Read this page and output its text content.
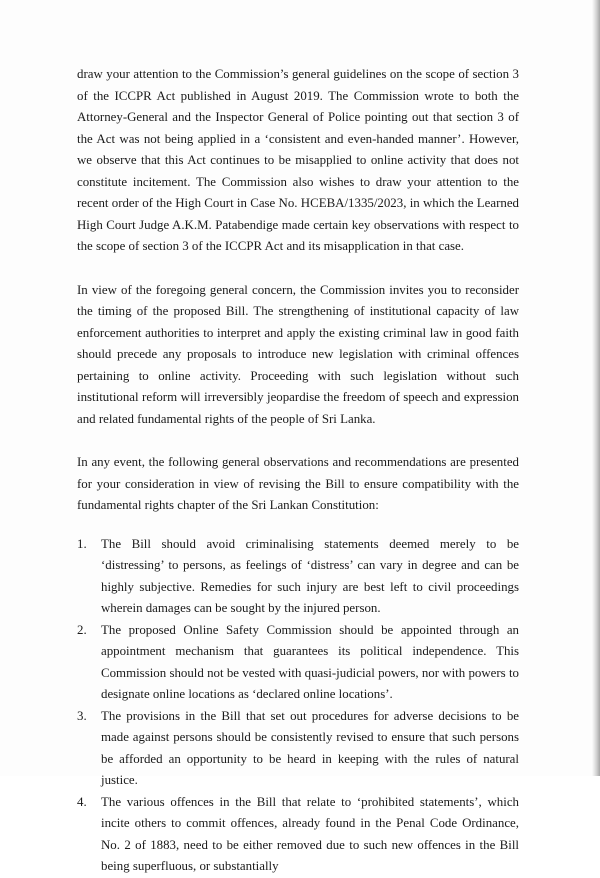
draw your attention to the Commission’s general guidelines on the scope of section 3 of the ICCPR Act published in August 2019. The Commission wrote to both the Attorney-General and the Inspector General of Police pointing out that section 3 of the Act was not being applied in a ‘consistent and even-handed manner’. However, we observe that this Act continues to be misapplied to online activity that does not constitute incitement. The Commission also wishes to draw your attention to the recent order of the High Court in Case No. HCEBA/1335/2023, in which the Learned High Court Judge A.K.M. Patabendige made certain key observations with respect to the scope of section 3 of the ICCPR Act and its misapplication in that case.

In view of the foregoing general concern, the Commission invites you to reconsider the timing of the proposed Bill. The strengthening of institutional capacity of law enforcement authorities to interpret and apply the existing criminal law in good faith should precede any proposals to introduce new legislation with criminal offences pertaining to online activity. Proceeding with such legislation without such institutional reform will irreversibly jeopardise the freedom of speech and expression and related fundamental rights of the people of Sri Lanka.

In any event, the following general observations and recommendations are presented for your consideration in view of revising the Bill to ensure compatibility with the fundamental rights chapter of the Sri Lankan Constitution:

1. The Bill should avoid criminalising statements deemed merely to be ‘distressing’ to persons, as feelings of ‘distress’ can vary in degree and can be highly subjective. Remedies for such injury are best left to civil proceedings wherein damages can be sought by the injured person.
2. The proposed Online Safety Commission should be appointed through an appointment mechanism that guarantees its political independence. This Commission should not be vested with quasi-judicial powers, nor with powers to designate online locations as ‘declared online locations’.
3. The provisions in the Bill that set out procedures for adverse decisions to be made against persons should be consistently revised to ensure that such persons be afforded an opportunity to be heard in keeping with the rules of natural justice.
4. The various offences in the Bill that relate to ‘prohibited statements’, which incite others to commit offences, already found in the Penal Code Ordinance, No. 2 of 1883, need to be either removed due to such new offences in the Bill being superfluous, or substantially
